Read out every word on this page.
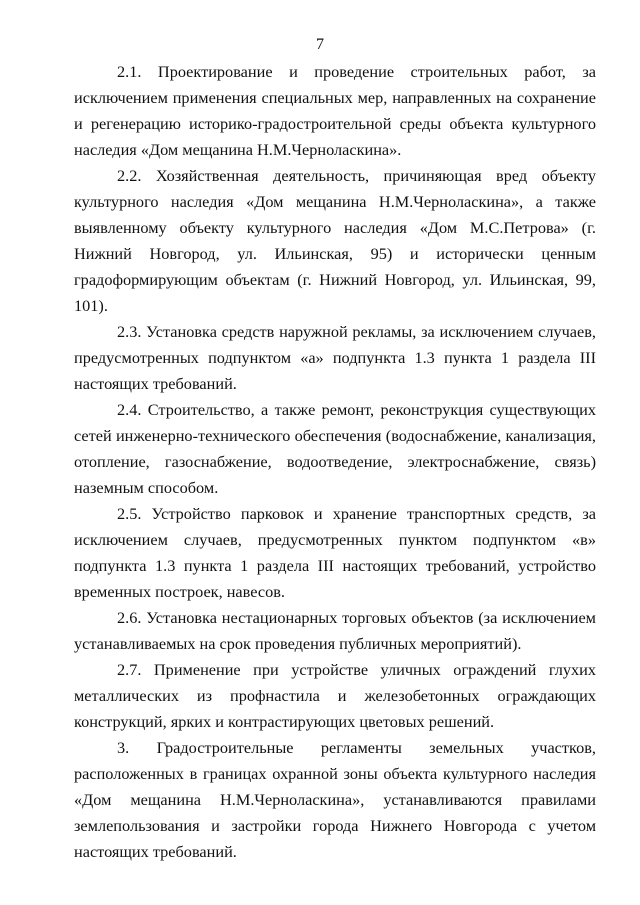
7

2.1. Проектирование и проведение строительных работ, за исключением применения специальных мер, направленных на сохранение и регенерацию историко-градостроительной среды объекта культурного наследия «Дом мещанина Н.М.Черноласкина».

2.2. Хозяйственная деятельность, причиняющая вред объекту культурного наследия «Дом мещанина Н.М.Черноласкина», а также выявленному объекту культурного наследия «Дом М.С.Петрова» (г. Нижний Новгород, ул. Ильинская, 95) и исторически ценным градоформирующим объектам (г. Нижний Новгород, ул. Ильинская, 99, 101).

2.3. Установка средств наружной рекламы, за исключением случаев, предусмотренных подпунктом «а» подпункта 1.3 пункта 1 раздела III настоящих требований.

2.4. Строительство, а также ремонт, реконструкция существующих сетей инженерно-технического обеспечения (водоснабжение, канализация, отопление, газоснабжение, водоотведение, электроснабжение, связь) наземным способом.

2.5. Устройство парковок и хранение транспортных средств, за исключением случаев, предусмотренных пунктом подпунктом «в» подпункта 1.3 пункта 1 раздела III настоящих требований, устройство временных построек, навесов.

2.6. Установка нестационарных торговых объектов (за исключением устанавливаемых на срок проведения публичных мероприятий).

2.7. Применение при устройстве уличных ограждений глухих металлических из профнастила и железобетонных ограждающих конструкций, ярких и контрастирующих цветовых решений.

3. Градостроительные регламенты земельных участков, расположенных в границах охранной зоны объекта культурного наследия «Дом мещанина Н.М.Черноласкина», устанавливаются правилами землепользования и застройки города Нижнего Новгорода с учетом настоящих требований.
